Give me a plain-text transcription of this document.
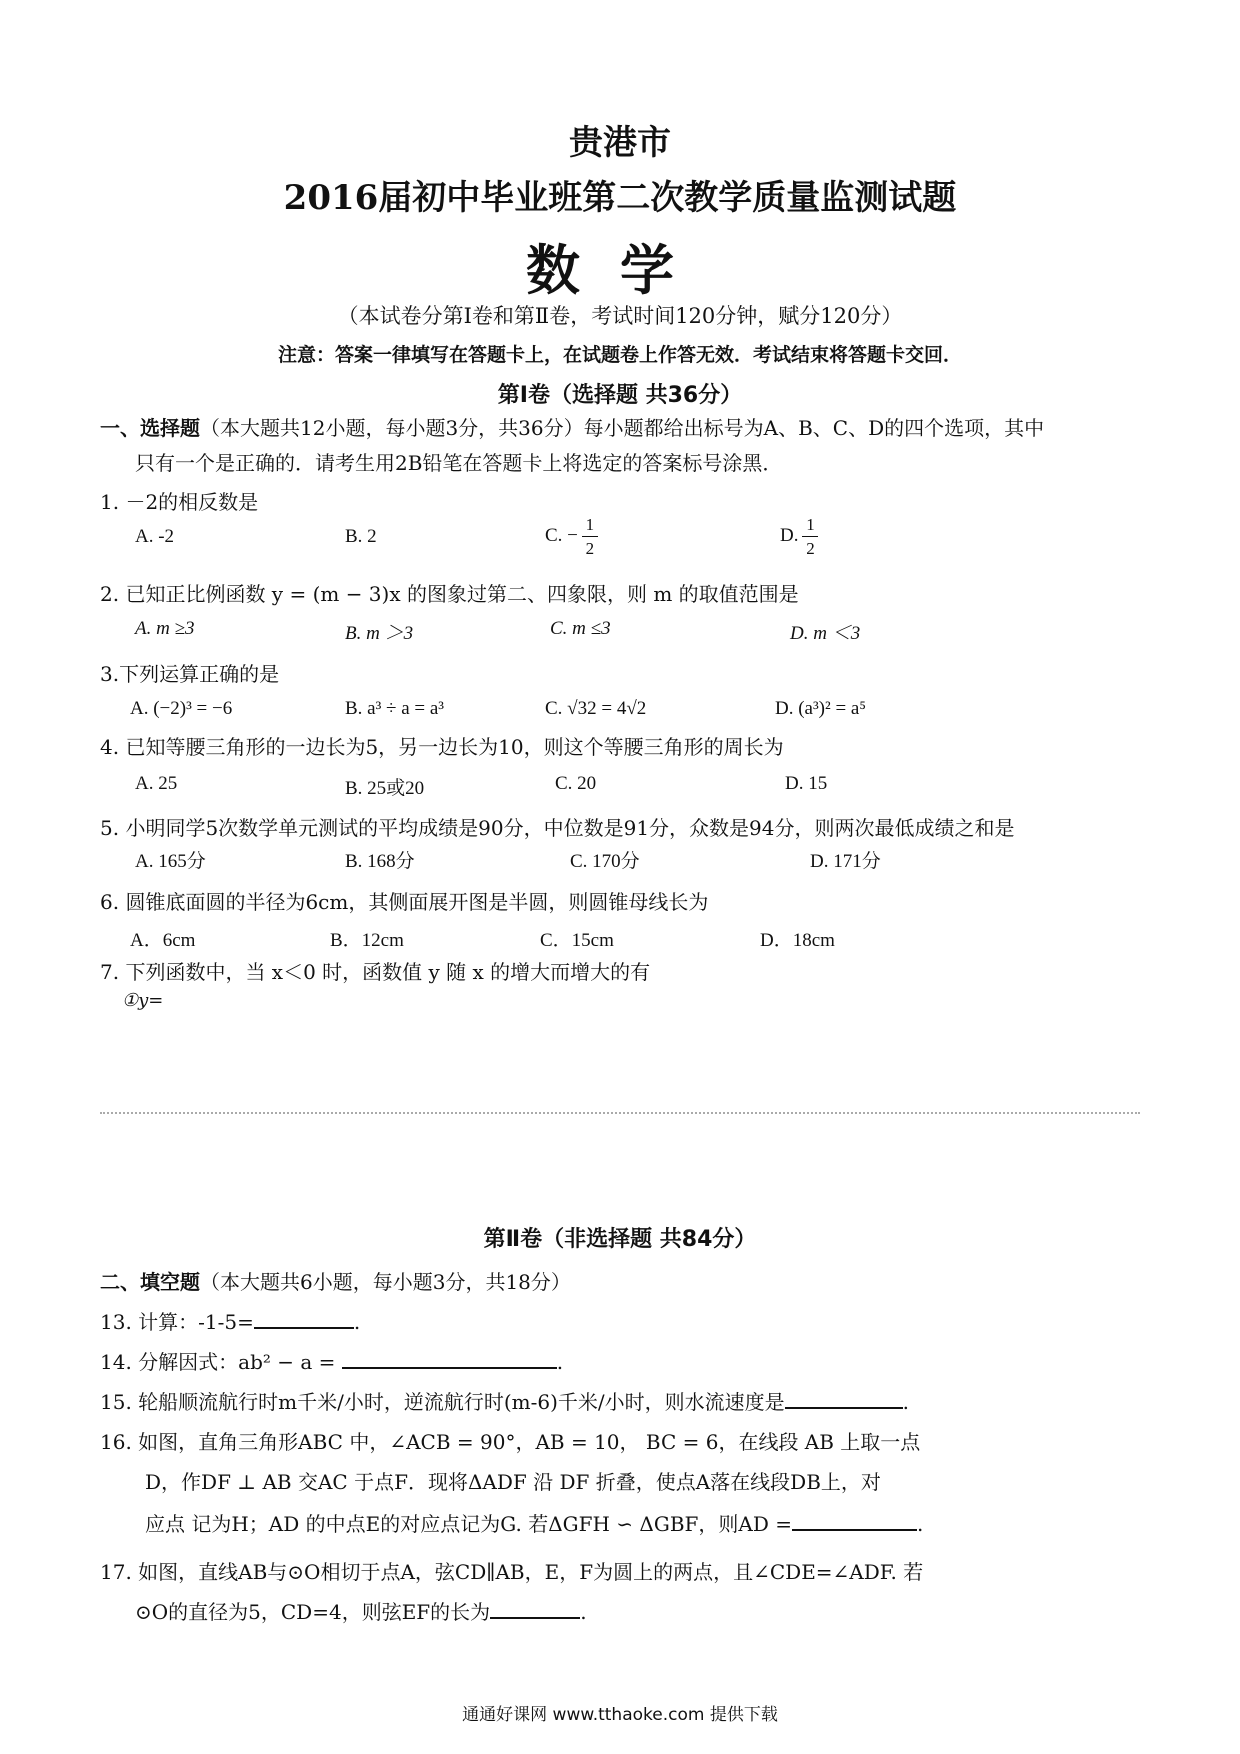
贵港市
2016届初中毕业班第二次教学质量监测试题
数学
（本试卷分第Ⅰ卷和第Ⅱ卷，考试时间120分钟，赋分120分）
注意：答案一律填写在答题卡上，在试题卷上作答无效．考试结束将答题卡交回．
第Ⅰ卷（选择题 共36分）
一、选择题（本大题共12小题，每小题3分，共36分）每小题都给出标号为A、B、C、D的四个选项，其中
只有一个是正确的．请考生用2B铅笔在答题卡上将选定的答案标号涂黑．
1. －2的相反数是
A. -2	B. 2	C. − $\frac{1}{2}$	D. $\frac{1}{2}$
2. 已知正比例函数 y = (m − 3)x 的图象过第二、四象限，则 m 的取值范围是
A. m ≥3	B. m ＞3	C. m ≤3	D. m ＜3
3.下列运算正确的是
A. (−2)³ = −6	B. a³ ÷ a = a³	C. √32 = 4√2	D. (a³)² = a⁵
4. 已知等腰三角形的一边长为5，另一边长为10，则这个等腰三角形的周长为
A. 25	B. 25或20	C. 20	D. 15
5. 小明同学5次数学单元测试的平均成绩是90分，中位数是91分，众数是94分，则两次最低成绩之和是
A. 165分	B. 168分	C. 170分	D. 171分
6. 圆锥底面圆的半径为6cm，其侧面展开图是半圆，则圆锥母线长为
A．6cm	B．12cm	C．15cm	D．18cm
7. 下列函数中，当 x＜0 时，函数值 y 随 x 的增大而增大的有
①y=
第Ⅱ卷（非选择题 共84分）
二、填空题（本大题共6小题，每小题3分，共18分）
13. 计算：-1-5=	.
14. 分解因式：ab² − a =	.
15. 轮船顺流航行时m千米/小时，逆流航行时(m-6)千米/小时，则水流速度是	.
16. 如图，直角三角形ABC 中，∠ACB = 90°，AB = 10， BC = 6，在线段 AB 上取一点
D，作DF ⊥ AB 交AC 于点F．现将ΔADF 沿 DF 折叠，使点A落在线段DB上，对
应点 记为H；AD 的中点E的对应点记为G. 若ΔGFH ∽ ΔGBF，则AD =	.
17. 如图，直线AB与⊙O相切于点A，弦CD∥AB，E，F为圆上的两点，且∠CDE=∠ADF. 若
⊙O的直径为5，CD=4，则弦EF的长为	.
通通好课网 www.tthaoke.com 提供下载
